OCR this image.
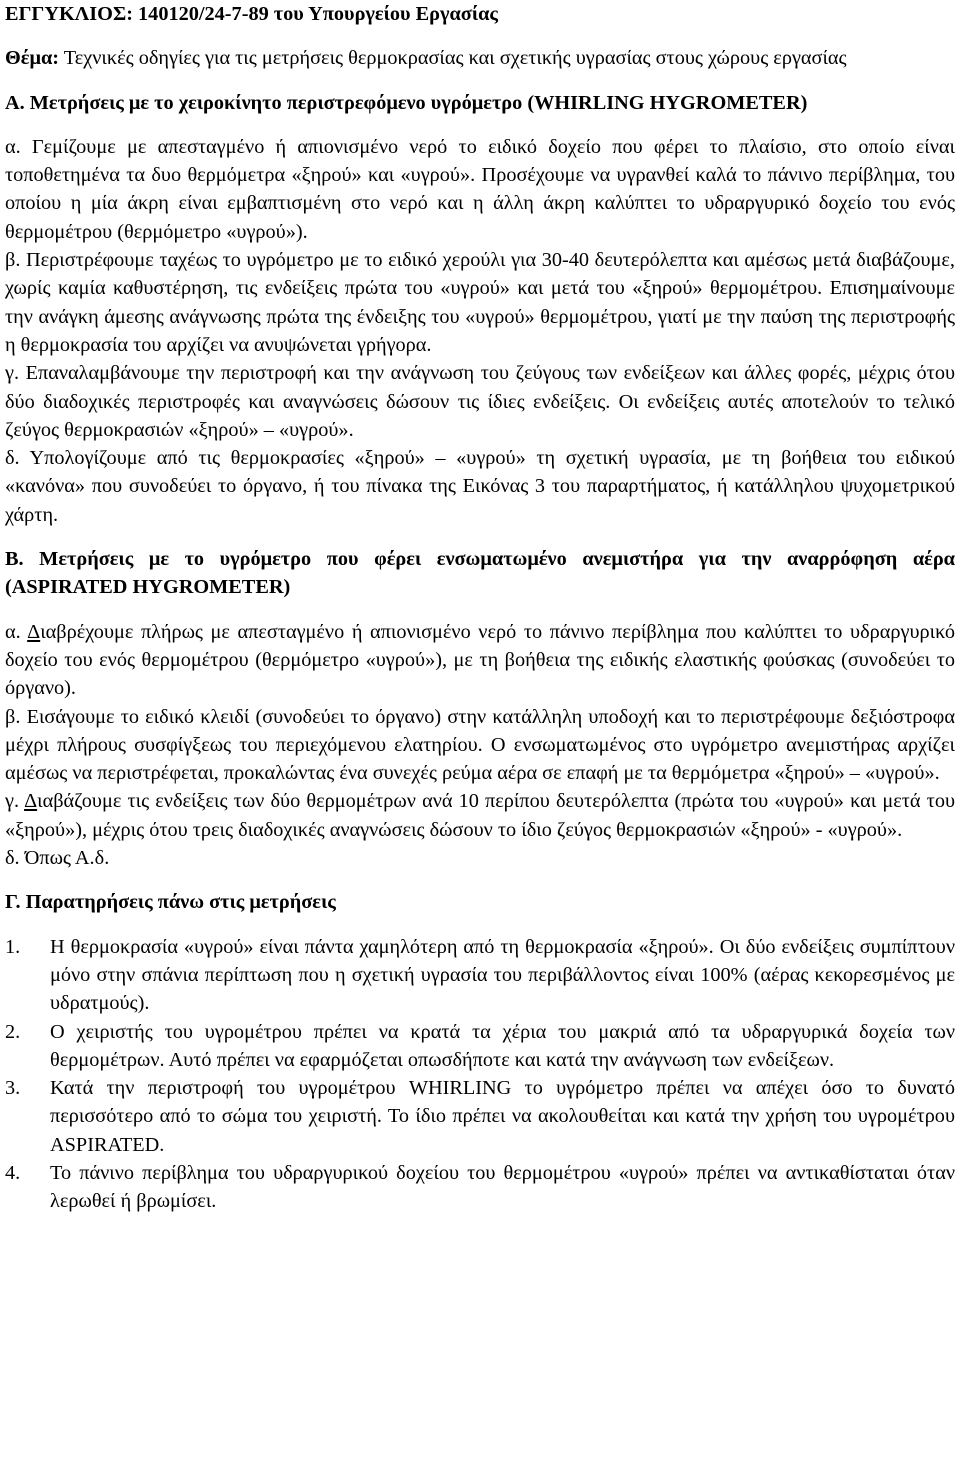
ΕΓΓΥΚΛΙΟΣ: 140120/24-7-89 του Υπουργείου Εργασίας

Θέμα: Τεχνικές οδηγίες για τις μετρήσεις θερμοκρασίας και σχετικής υγρασίας στους χώρους εργασίας

Α. Μετρήσεις με το χειροκίνητο περιστρεφόμενο υγρόμετρο (WHIRLING HYGROMETER)

α. Γεμίζουμε με απεσταγμένο ή απιονισμένο νερό το ειδικό δοχείο που φέρει το πλαίσιο, στο οποίο είναι τοποθετημένα τα δυο θερμόμετρα «ξηρού» και «υγρού». Προσέχουμε να υγρανθεί καλά το πάνινο περίβλημα, του οποίου η μία άκρη είναι εμβαπτισμένη στο νερό και η άλλη άκρη καλύπτει το υδραργυρικό δοχείο του ενός θερμομέτρου (θερμόμετρο «υγρού»).

β. Περιστρέφουμε ταχέως το υγρόμετρο με το ειδικό χερούλι για 30-40 δευτερόλεπτα και αμέσως μετά διαβάζουμε, χωρίς καμία καθυστέρηση, τις ενδείξεις πρώτα του «υγρού» και μετά του «ξηρού» θερμομέτρου. Επισημαίνουμε την ανάγκη άμεσης ανάγνωσης πρώτα της ένδειξης του «υγρού» θερμομέτρου, γιατί με την παύση της περιστροφής η θερμοκρασία του αρχίζει να ανυψώνεται γρήγορα.

γ. Επαναλαμβάνουμε την περιστροφή και την ανάγνωση του ζεύγους των ενδείξεων και άλλες φορές, μέχρις ότου δύο διαδοχικές περιστροφές και αναγνώσεις δώσουν τις ίδιες ενδείξεις. Οι ενδείξεις αυτές αποτελούν το τελικό ζεύγος θερμοκρασιών «ξηρού» – «υγρού».

δ. Υπολογίζουμε από τις θερμοκρασίες «ξηρού» – «υγρού» τη σχετική υγρασία, με τη βοήθεια του ειδικού «κανόνα» που συνοδεύει το όργανο, ή του πίνακα της Εικόνας 3 του παραρτήματος, ή κατάλληλου ψυχομετρικού χάρτη.

Β. Μετρήσεις με το υγρόμετρο που φέρει ενσωματωμένο ανεμιστήρα για την αναρρόφηση αέρα (ASPIRATED HYGROMETER)

α. Διαβρέχουμε πλήρως με απεσταγμένο ή απιονισμένο νερό το πάνινο περίβλημα που καλύπτει το υδραργυρικό δοχείο του ενός θερμομέτρου (θερμόμετρο «υγρού»), με τη βοήθεια της ειδικής ελαστικής φούσκας (συνοδεύει το όργανο).

β. Εισάγουμε το ειδικό κλειδί (συνοδεύει το όργανο) στην κατάλληλη υποδοχή και το περιστρέφουμε δεξιόστροφα μέχρι πλήρους συσφίγξεως του περιεχόμενου ελατηρίου. Ο ενσωματωμένος στο υγρόμετρο ανεμιστήρας αρχίζει αμέσως να περιστρέφεται, προκαλώντας ένα συνεχές ρεύμα αέρα σε επαφή με τα θερμόμετρα «ξηρού» – «υγρού».

γ. Διαβάζουμε τις ενδείξεις των δύο θερμομέτρων ανά 10 περίπου δευτερόλεπτα (πρώτα του «υγρού» και μετά του «ξηρού»), μέχρις ότου τρεις διαδοχικές αναγνώσεις δώσουν το ίδιο ζεύγος θερμοκρασιών «ξηρού» - «υγρού».

δ. Όπως Α.δ.

Γ. Παρατηρήσεις πάνω στις μετρήσεις

1.	Η θερμοκρασία «υγρού» είναι πάντα χαμηλότερη από τη θερμοκρασία «ξηρού». Οι δύο ενδείξεις συμπίπτουν μόνο στην σπάνια περίπτωση που η σχετική υγρασία του περιβάλλοντος είναι 100% (αέρας κεκορεσμένος με υδρατμούς).
2.	Ο χειριστής του υγρομέτρου πρέπει να κρατά τα χέρια του μακριά από τα υδραργυρικά δοχεία των θερμομέτρων. Αυτό πρέπει να εφαρμόζεται οπωσδήποτε και κατά την ανάγνωση των ενδείξεων.
3.	Κατά την περιστροφή του υγρομέτρου WHIRLING το υγρόμετρο πρέπει να απέχει όσο το δυνατό περισσότερο από το σώμα του χειριστή. Το ίδιο πρέπει να ακολουθείται και κατά την χρήση του υγρομέτρου ASPIRATED.
4.	Το πάνινο περίβλημα του υδραργυρικού δοχείου του θερμομέτρου «υγρού» πρέπει να αντικαθίσταται όταν λερωθεί ή βρωμίσει.
